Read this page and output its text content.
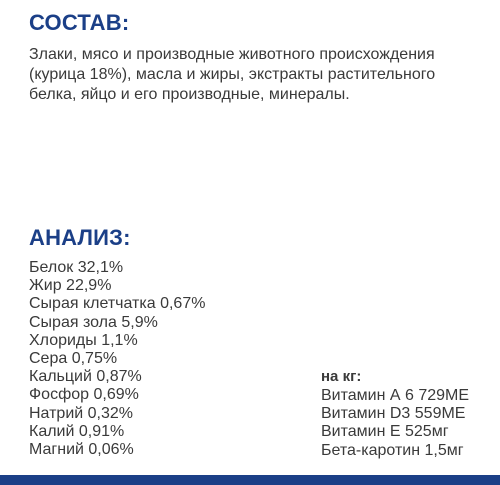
СОСТАВ:

Злаки, мясо и производные животного происхождения (курица 18%), масла и жиры, экстракты растительного белка, яйцо и его производные, минералы.

АНАЛИЗ:
Белок 32,1%
Жир 22,9%
Сырая клетчатка 0,67%
Сырая зола 5,9%
Хлориды 1,1%
Сера 0,75%
Кальций 0,87%
Фосфор 0,69%
Натрий 0,32%
Калий 0,91%
Магний 0,06%
на кг:
Витамин А 6 729МЕ
Витамин D3 559МЕ
Витамин Е 525мг
Бета-каротин 1,5мг
